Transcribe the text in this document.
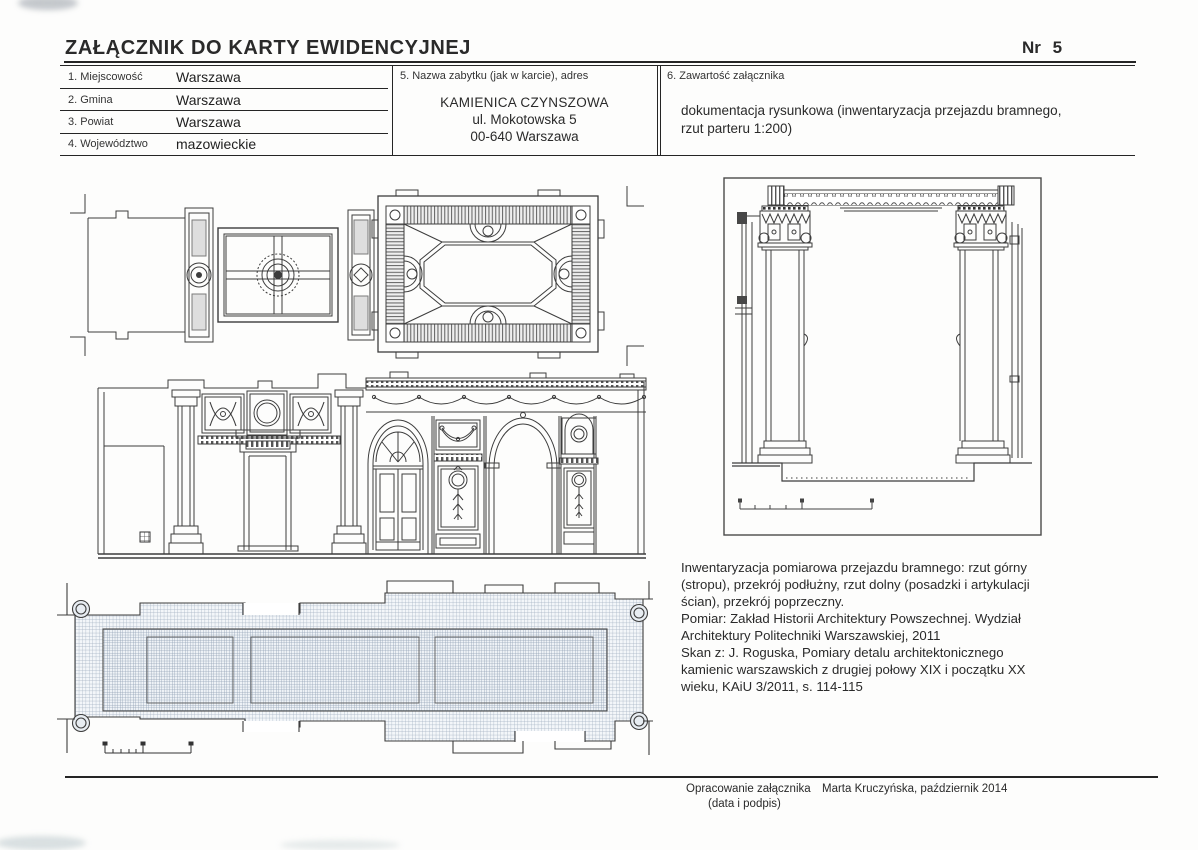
ZAŁĄCZNIK DO KARTY EWIDENCYJNEJ	Nr 5
1. Miejscowość Warszawa
2. Gmina	Warszawa
3. Powiat	Warszawa
4. Województwo mazowieckie
5. Nazwa zabytku (jak w karcie), adres
KAMIENICA CZYNSZOWA
ul. Mokotowska 5
00-640 Warszawa
6. Zawartość załącznika
dokumentacja rysunkowa (inwentaryzacja przejazdu bramnego,
rzut parteru 1:200)
Inwentaryzacja pomiarowa przejazdu bramnego: rzut górny
(stropu), przekrój podłużny, rzut dolny (posadzki i artykulacji
ścian), przekrój poprzeczny.
Pomiar: Zakład Historii Architektury Powszechnej. Wydział
Architektury Politechniki Warszawskiej, 2011
Skan z: J. Roguska, Pomiary detalu architektonicznego
kamienic warszawskich z drugiej połowy XIX i początku XX
wieku, KAiU 3/2011, s. 114-115
Opracowanie załącznika
(data i podpis)
Marta Kruczyńska, październik 2014
